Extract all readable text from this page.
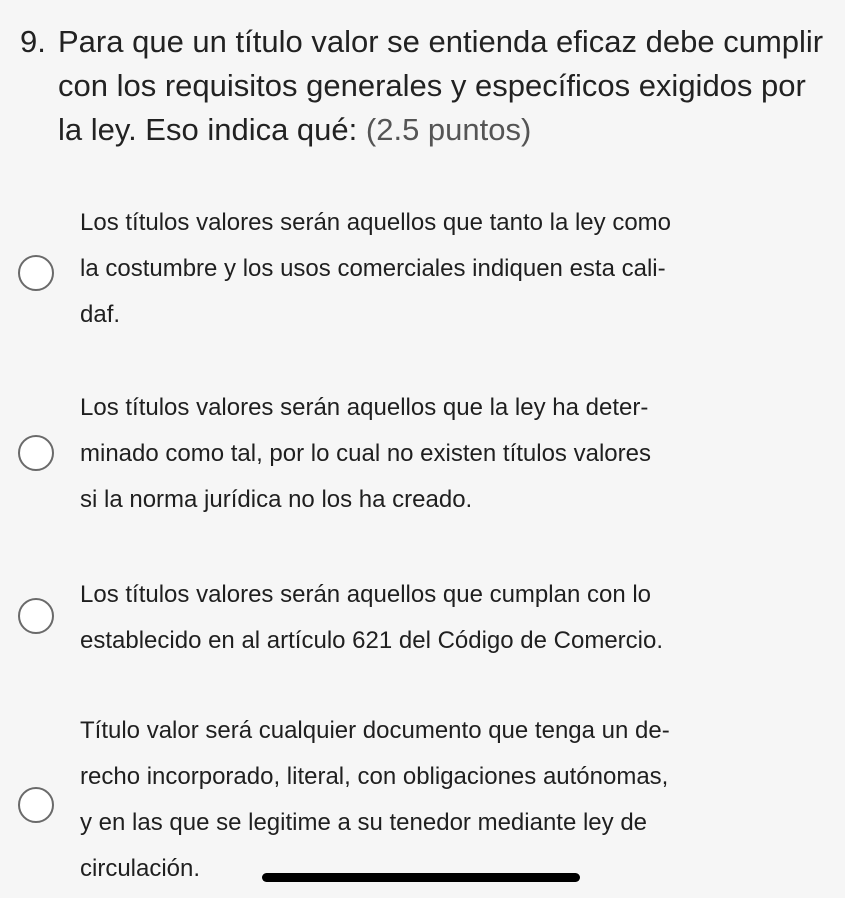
9. Para que un título valor se entienda eficaz debe cumplir con los requisitos generales y específicos exigidos por la ley. Eso indica qué: (2.5 puntos)
Los títulos valores serán aquellos que tanto la ley como
la costumbre y los usos comerciales indiquen esta cali-
daf.
Los títulos valores serán aquellos que la ley ha deter-
minado como tal, por lo cual no existen títulos valores
si la norma jurídica no los ha creado.
Los títulos valores serán aquellos que cumplan con lo
establecido en al artículo 621 del Código de Comercio.
Título valor será cualquier documento que tenga un de-
recho incorporado, literal, con obligaciones autónomas,
y en las que se legitime a su tenedor mediante ley de
circulación.
